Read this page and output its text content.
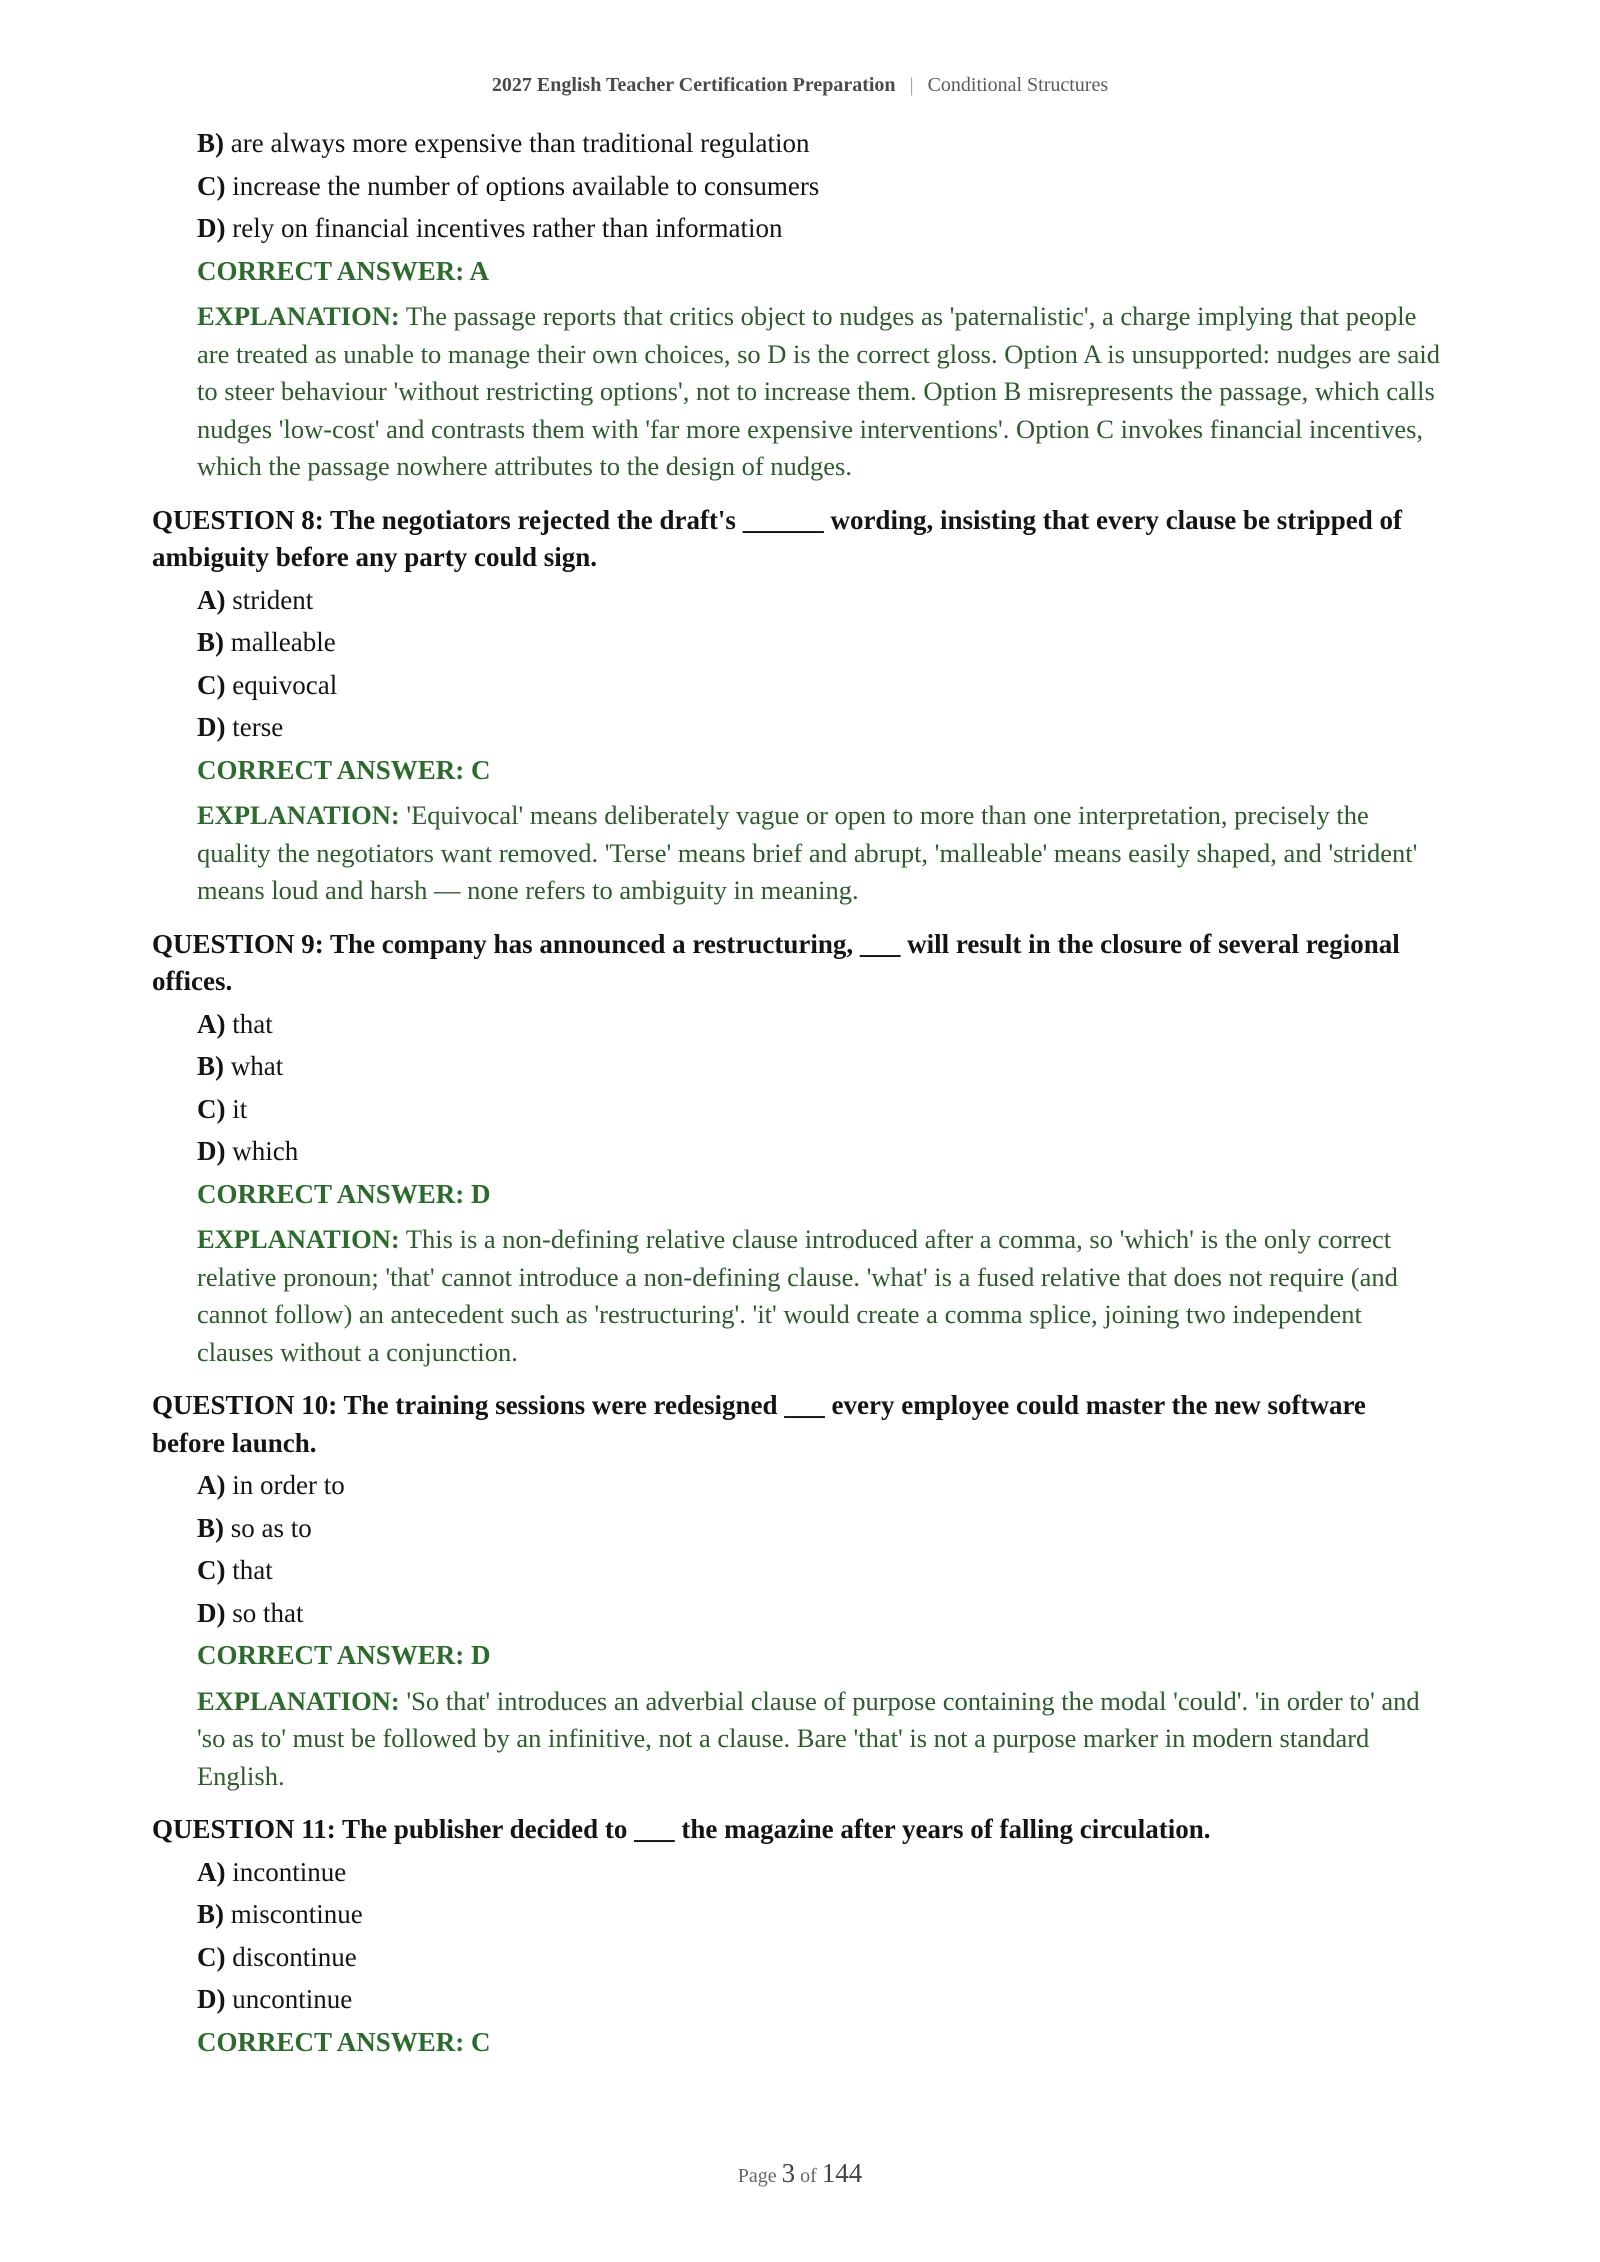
2027 English Teacher Certification Preparation | Conditional Structures
B) are always more expensive than traditional regulation
C) increase the number of options available to consumers
D) rely on financial incentives rather than information
CORRECT ANSWER: A
EXPLANATION: The passage reports that critics object to nudges as 'paternalistic', a charge implying that people are treated as unable to manage their own choices, so D is the correct gloss. Option A is unsupported: nudges are said to steer behaviour 'without restricting options', not to increase them. Option B misrepresents the passage, which calls nudges 'low-cost' and contrasts them with 'far more expensive interventions'. Option C invokes financial incentives, which the passage nowhere attributes to the design of nudges.
QUESTION 8: The negotiators rejected the draft's ______ wording, insisting that every clause be stripped of ambiguity before any party could sign.
A) strident
B) malleable
C) equivocal
D) terse
CORRECT ANSWER: C
EXPLANATION: 'Equivocal' means deliberately vague or open to more than one interpretation, precisely the quality the negotiators want removed. 'Terse' means brief and abrupt, 'malleable' means easily shaped, and 'strident' means loud and harsh — none refers to ambiguity in meaning.
QUESTION 9: The company has announced a restructuring, ___ will result in the closure of several regional offices.
A) that
B) what
C) it
D) which
CORRECT ANSWER: D
EXPLANATION: This is a non-defining relative clause introduced after a comma, so 'which' is the only correct relative pronoun; 'that' cannot introduce a non-defining clause. 'what' is a fused relative that does not require (and cannot follow) an antecedent such as 'restructuring'. 'it' would create a comma splice, joining two independent clauses without a conjunction.
QUESTION 10: The training sessions were redesigned ___ every employee could master the new software before launch.
A) in order to
B) so as to
C) that
D) so that
CORRECT ANSWER: D
EXPLANATION: 'So that' introduces an adverbial clause of purpose containing the modal 'could'. 'in order to' and 'so as to' must be followed by an infinitive, not a clause. Bare 'that' is not a purpose marker in modern standard English.
QUESTION 11: The publisher decided to ___ the magazine after years of falling circulation.
A) incontinue
B) miscontinue
C) discontinue
D) uncontinue
CORRECT ANSWER: C
Page 3 of 144
